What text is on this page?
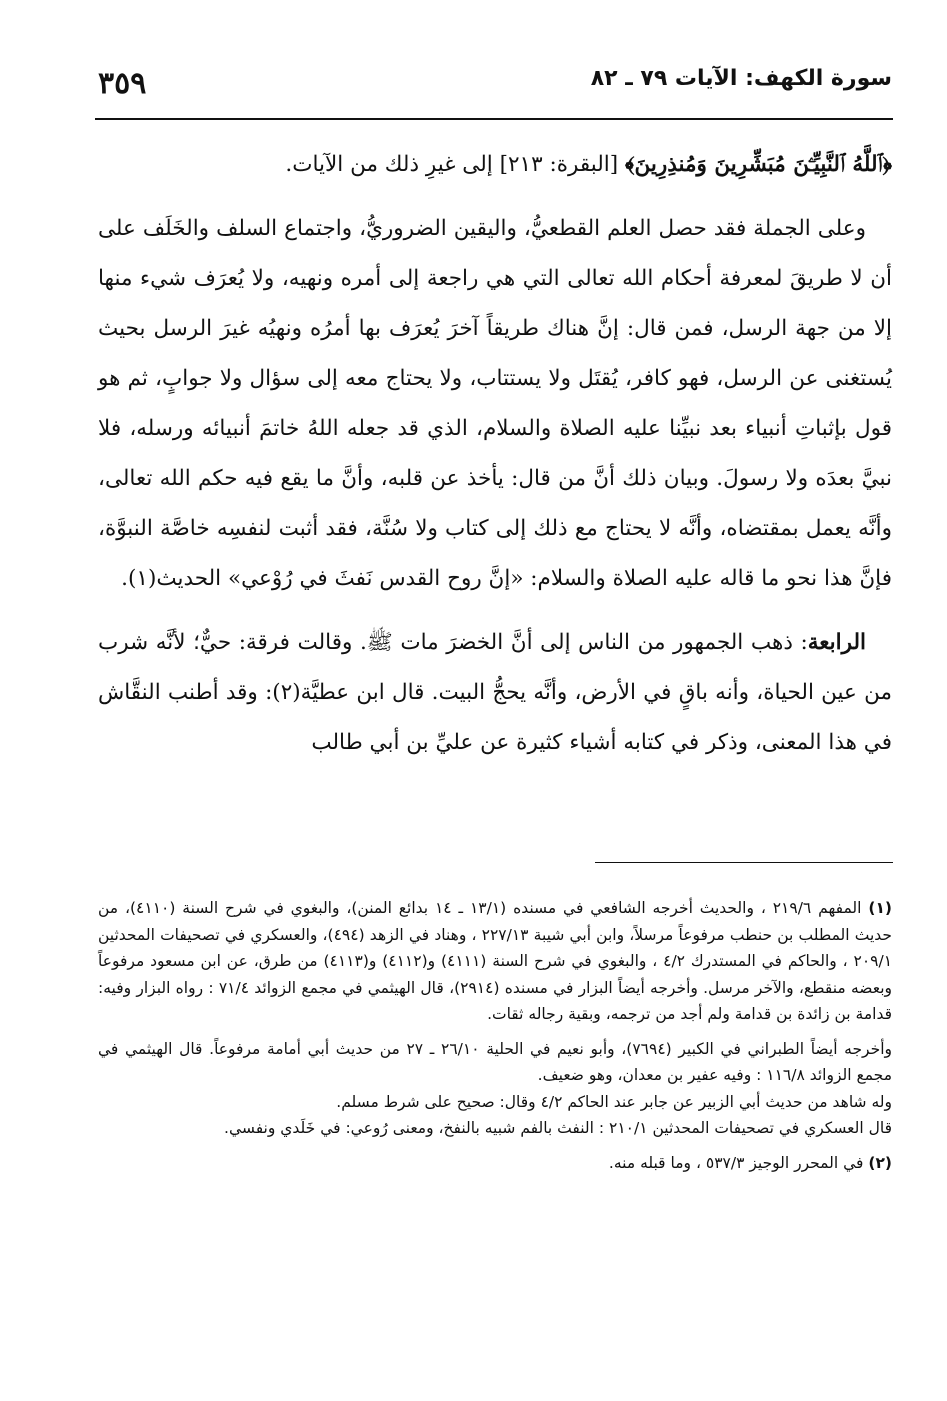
٣٥٩	سورة الكهف: الآيات ٧٩ ـ ٨٢

﴿ٱللَّهُ ٱلنَّبِيِّـۧنَ مُبَشِّرِينَ وَمُنذِرِينَ﴾ [البقرة: ٢١٣] إلى غيرِ ذلك من الآيات.

وعلى الجملة فقد حصل العلم القطعيُّ، واليقين الضروريُّ، واجتماع السلف والخَلَف على أن لا طريقَ لمعرفة أحكام الله تعالى التي هي راجعة إلى أمره ونهيه، ولا يُعرَف شيء منها إلا من جهة الرسل، فمن قال: إنَّ هناك طريقاً آخرَ يُعرَف بها أمرُه ونهيُه غيرَ الرسل بحيث يُستغنى عن الرسل، فهو كافر، يُقتَل ولا يستتاب، ولا يحتاج معه إلى سؤال ولا جوابٍ، ثم هو قول بإثباتِ أنبياء بعد نبيِّنا عليه الصلاة والسلام، الذي قد جعله اللهُ خاتمَ أنبيائه ورسله، فلا نبيَّ بعدَه ولا رسولَ. وبيان ذلك أنَّ من قال: يأخذ عن قلبه، وأنَّ ما يقع فيه حكم الله تعالى، وأنَّه يعمل بمقتضاه، وأنَّه لا يحتاج مع ذلك إلى كتاب ولا سُنَّة، فقد أثبت لنفسِه خاصَّة النبوَّة، فإنَّ هذا نحو ما قاله عليه الصلاة والسلام: «إنَّ روح القدس نَفثَ في رُوْعي» الحديث(١).

الرابعة: ذهب الجمهور من الناس إلى أنَّ الخضرَ مات ﷺ. وقالت فرقة: حيٌّ؛ لأنَّه شرب من عين الحياة، وأنه باقٍ في الأرض، وأنَّه يحجُّ البيت. قال ابن عطيَّة(٢): وقد أطنب النقَّاش في هذا المعنى، وذكر في كتابه أشياء كثيرة عن عليِّ بن أبي طالب

(١) المفهم ٢١٩/٦ ، والحديث أخرجه الشافعي في مسنده (١٣/١ ـ ١٤ بدائع المنن)، والبغوي في شرح السنة (٤١١٠)، من حديث المطلب بن حنطب مرفوعاً مرسلاً، وابن أبي شيبة ٢٢٧/١٣ ، وهناد في الزهد (٤٩٤)، والعسكري في تصحيفات المحدثين ٢٠٩/١ ، والحاكم في المستدرك ٤/٢ ، والبغوي في شرح السنة (٤١١١) و(٤١١٢) و(٤١١٣) من طرق، عن ابن مسعود مرفوعاً وبعضه منقطع، والآخر مرسل. وأخرجه أيضاً البزار في مسنده (٢٩١٤)، قال الهيثمي في مجمع الزوائد ٧١/٤ : رواه البزار وفيه: قدامة بن زائدة بن قدامة ولم أجد من ترجمه، وبقية رجاله ثقات.

وأخرجه أيضاً الطبراني في الكبير (٧٦٩٤)، وأبو نعيم في الحلية ٢٦/١٠ ـ ٢٧ من حديث أبي أمامة مرفوعاً. قال الهيثمي في مجمع الزوائد ١١٦/٨ : وفيه عفير بن معدان، وهو ضعيف.

وله شاهد من حديث أبي الزبير عن جابر عند الحاكم ٤/٢ وقال: صحيح على شرط مسلم.

قال العسكري في تصحيفات المحدثين ٢١٠/١ : النفث بالفم شبيه بالنفخ، ومعنى رُوعي: في خَلَدي ونفسي.

(٢) في المحرر الوجيز ٥٣٧/٣ ، وما قبله منه.
